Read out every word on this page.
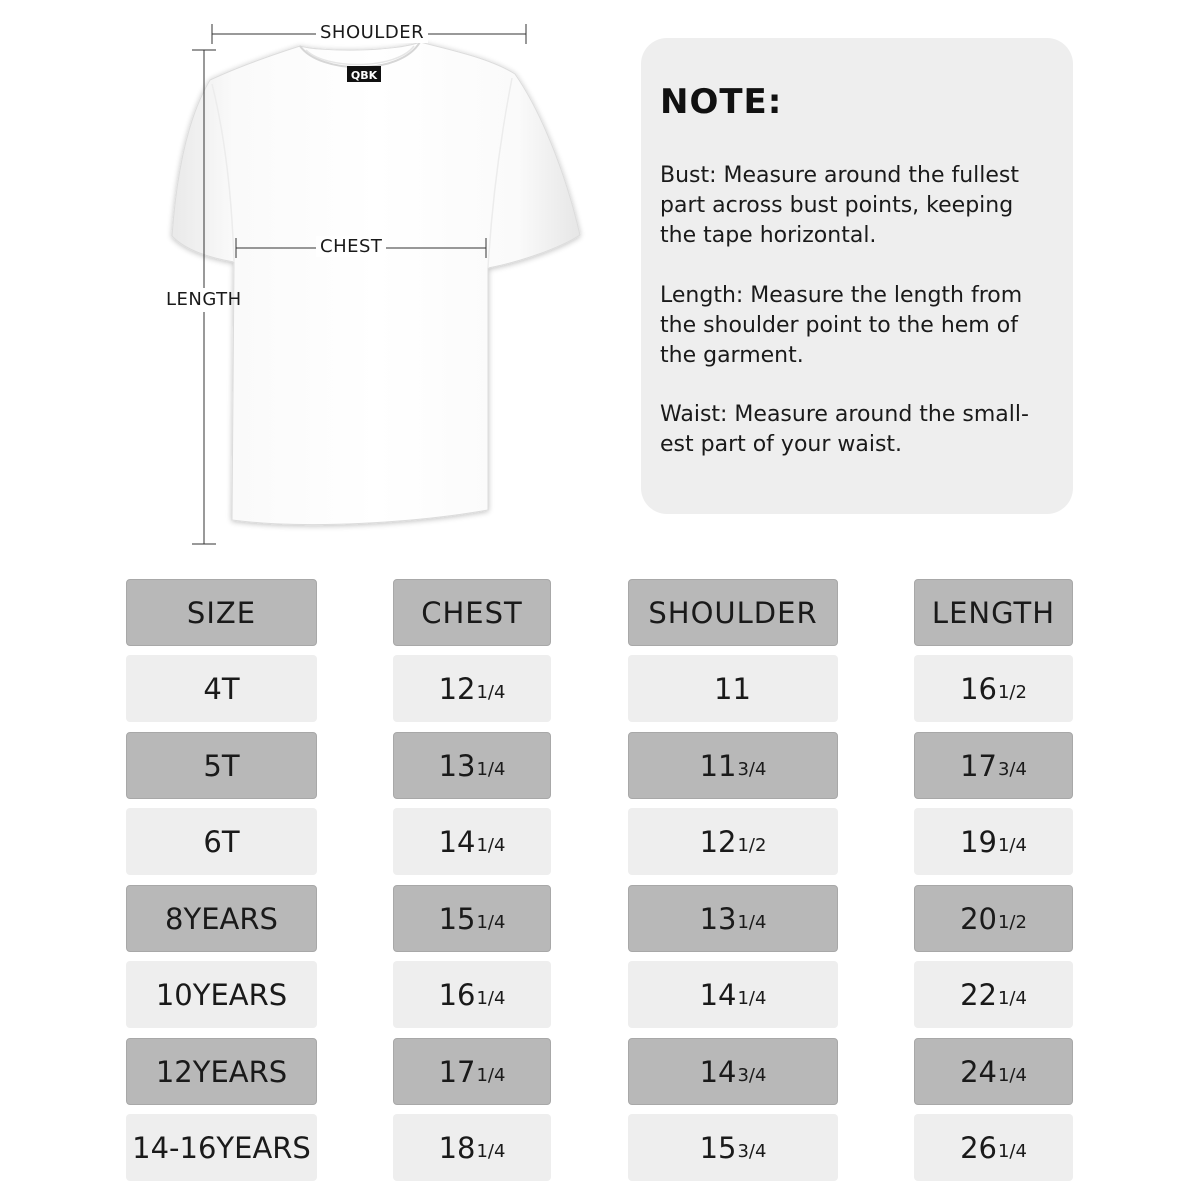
QBK
SHOULDER
CHEST
LENGTH
NOTE:
Bust: Measure around the fullest
part across bust points, keeping
the tape horizontal.
Length: Measure the length from
the shoulder point to the hem of
the garment.
Waist: Measure around the small-
est part of your waist.
SIZE	CHEST	SHOULDER	LENGTH
4T	12 1/4	11	16 1/2
5T	13 1/4	11 3/4	17 3/4
6T	14 1/4	12 1/2	19 1/4
8YEARS	15 1/4	13 1/4	20 1/2
10YEARS	16 1/4	14 1/4	22 1/4
12YEARS	17 1/4	14 3/4	24 1/4
14-16YEARS	18 1/4	15 3/4	26 1/4
